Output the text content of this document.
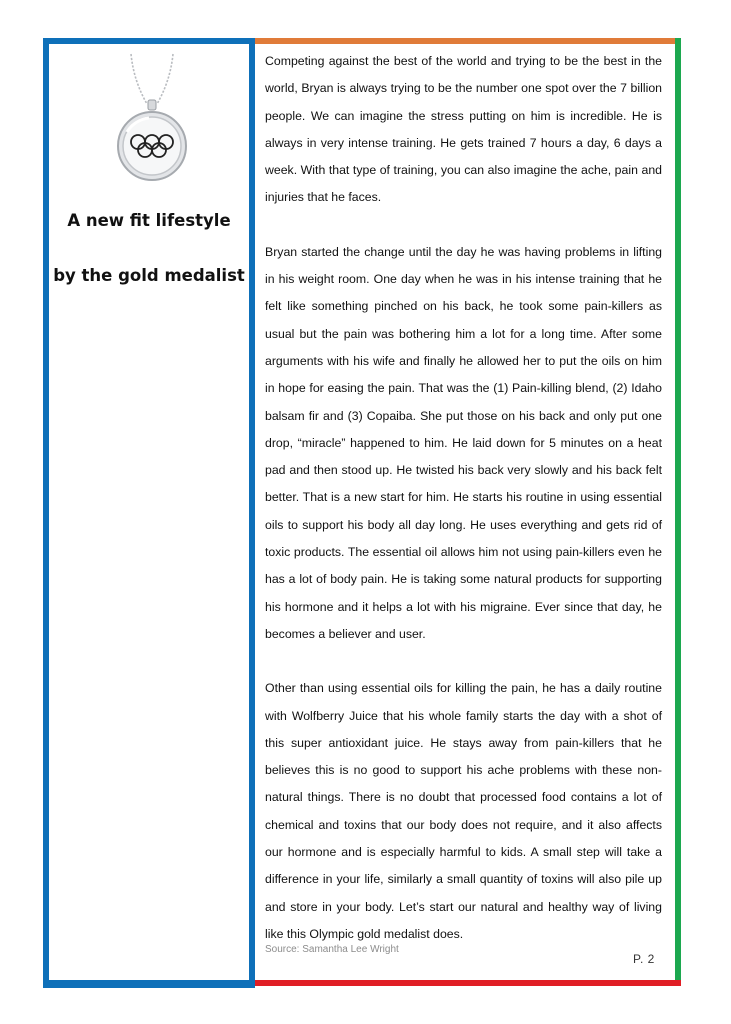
A new fit lifestyle
by the gold medalist

Competing against the best of the world and trying to be the best in the world, Bryan is always trying to be the number one spot over the 7 billion people. We can imagine the stress putting on him is incredible. He is always in very intense training. He gets trained 7 hours a day, 6 days a week. With that type of training, you can also imagine the ache, pain and injuries that he faces.

Bryan started the change until the day he was having problems in lifting in his weight room. One day when he was in his intense training that he felt like something pinched on his back, he took some pain-killers as usual but the pain was bothering him a lot for a long time. After some arguments with his wife and finally he allowed her to put the oils on him in hope for easing the pain. That was the (1) Pain-killing blend, (2) Idaho balsam fir and (3) Copaiba. She put those on his back and only put one drop, “miracle” happened to him. He laid down for 5 minutes on a heat pad and then stood up. He twisted his back very slowly and his back felt better. That is a new start for him. He starts his routine in using essential oils to support his body all day long. He uses everything and gets rid of toxic products. The essential oil allows him not using pain-killers even he has a lot of body pain. He is taking some natural products for supporting his hormone and it helps a lot with his migraine. Ever since that day, he becomes a believer and user.

Other than using essential oils for killing the pain, he has a daily routine with Wolfberry Juice that his whole family starts the day with a shot of this super antioxidant juice. He stays away from pain-killers that he believes this is no good to support his ache problems with these non-natural things. There is no doubt that processed food contains a lot of chemical and toxins that our body does not require, and it also affects our hormone and is especially harmful to kids. A small step will take a difference in your life, similarly a small quantity of toxins will also pile up and store in your body. Let’s start our natural and healthy way of living like this Olympic gold medalist does.

Source: Samantha Lee Wright
P. 2
